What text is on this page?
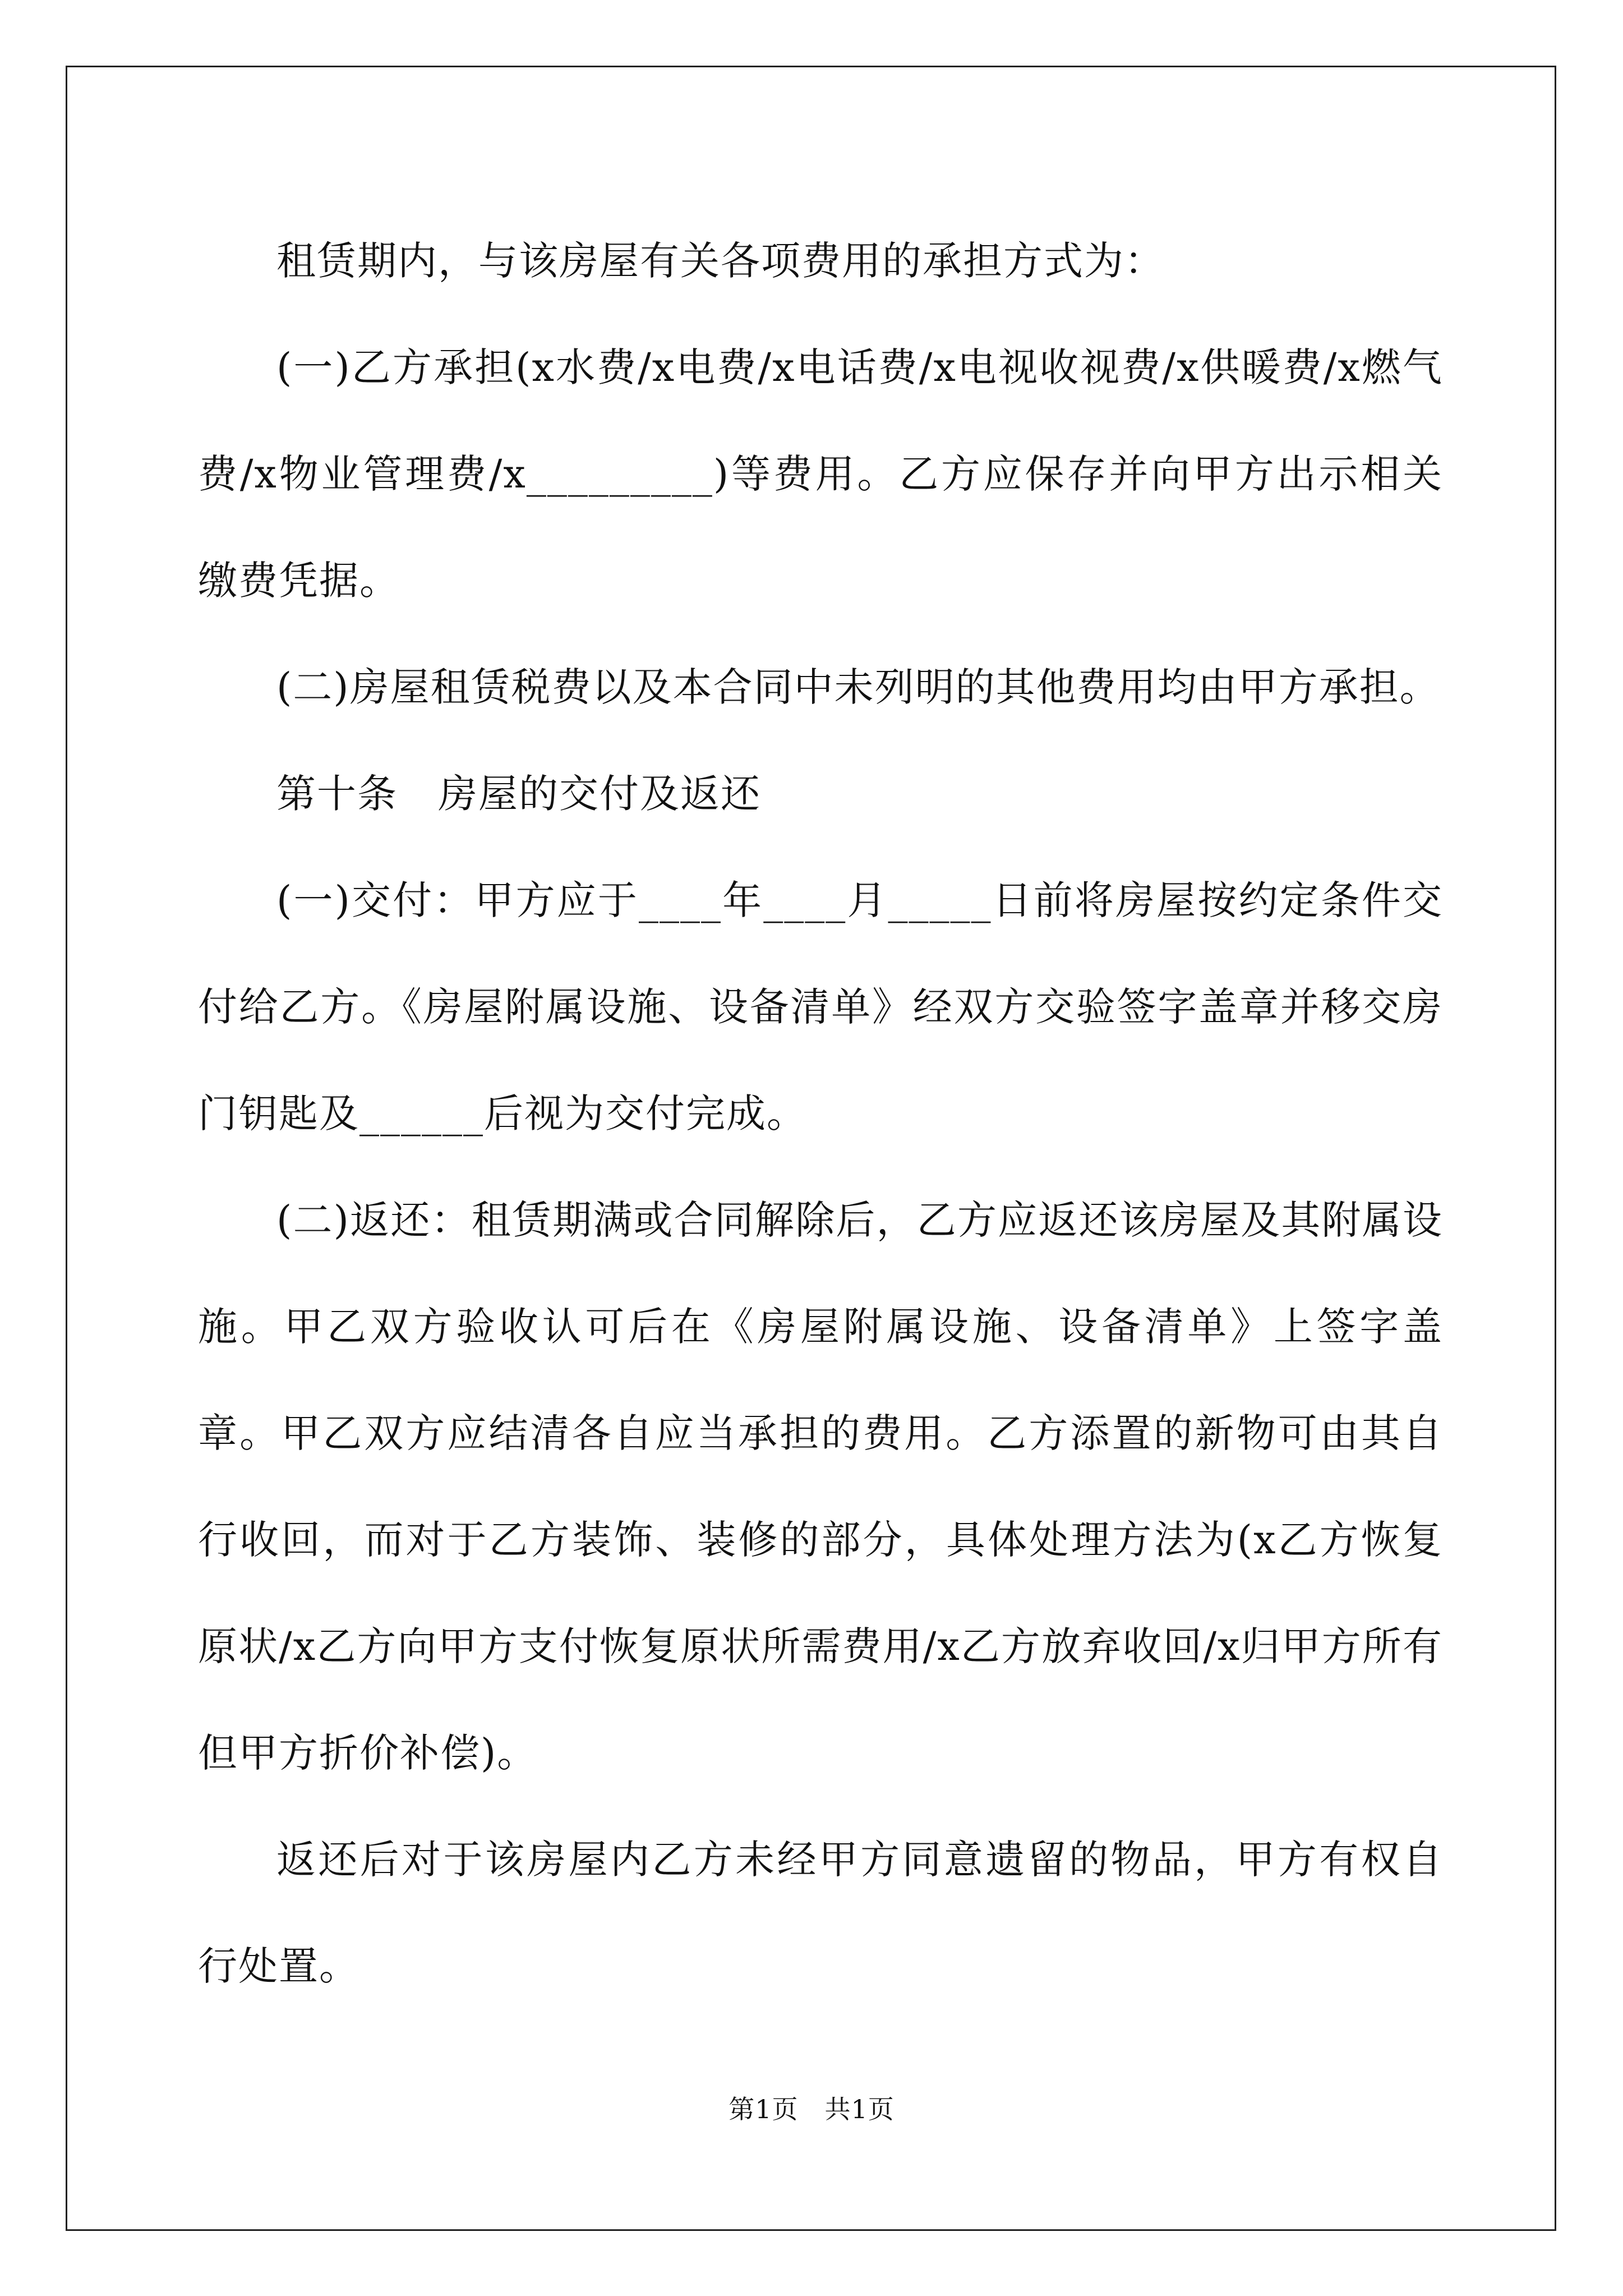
租赁期内，与该房屋有关各项费用的承担方式为：

(一)乙方承担(x水费/x电费/x电话费/x电视收视费/x供暖费/x燃气费/x物业管理费/x_________)等费用。乙方应保存并向甲方出示相关缴费凭据。

(二)房屋租赁税费以及本合同中未列明的其他费用均由甲方承担。

第十条　房屋的交付及返还

(一)交付：甲方应于____年____月_____日前将房屋按约定条件交付给乙方。《房屋附属设施、设备清单》经双方交验签字盖章并移交房门钥匙及______后视为交付完成。

(二)返还：租赁期满或合同解除后，乙方应返还该房屋及其附属设施。甲乙双方验收认可后在《房屋附属设施、设备清单》上签字盖章。甲乙双方应结清各自应当承担的费用。乙方添置的新物可由其自行收回，而对于乙方装饰、装修的部分，具体处理方法为(x乙方恢复原状/x乙方向甲方支付恢复原状所需费用/x乙方放弃收回/x归甲方所有但甲方折价补偿)。

返还后对于该房屋内乙方未经甲方同意遗留的物品，甲方有权自行处置。

第1页　共1页
